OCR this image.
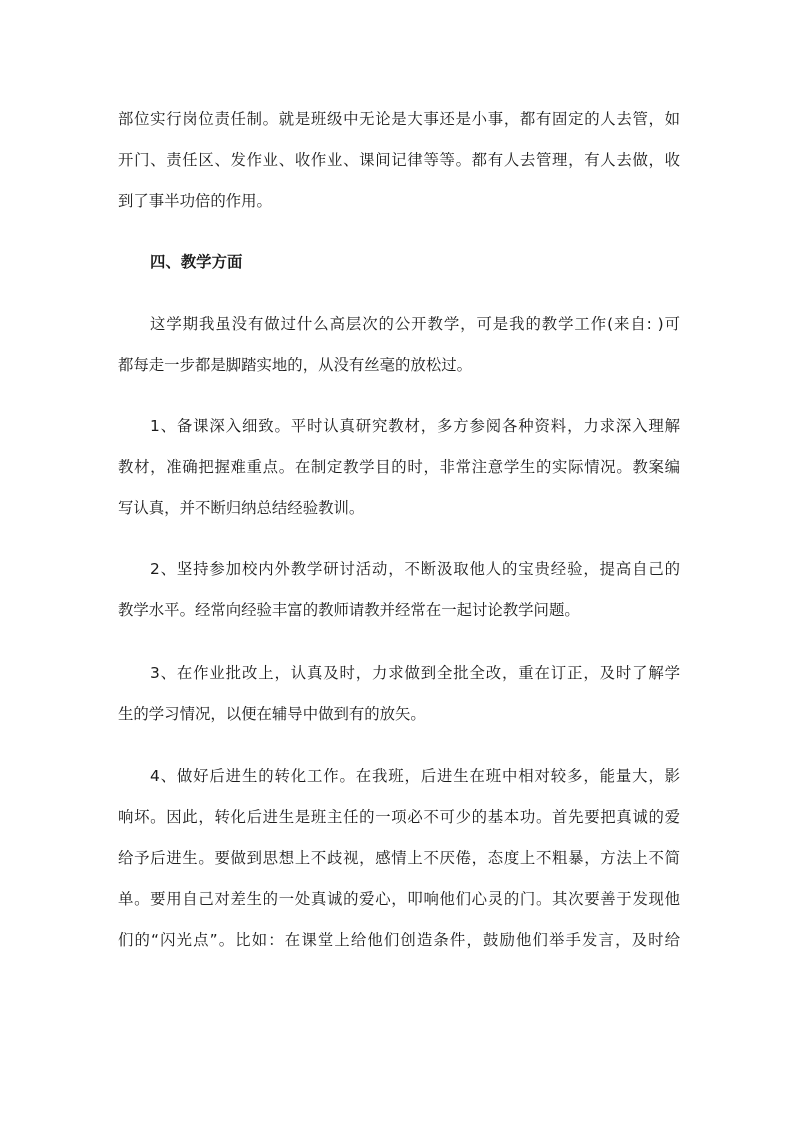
部位实行岗位责任制。就是班级中无论是大事还是小事，都有固定的人去管，如
开门、责任区、发作业、收作业、课间记律等等。都有人去管理，有人去做，收
到了事半功倍的作用。
四、教学方面
这学期我虽没有做过什么高层次的公开教学，可是我的教学工作(来自: )可
都每走一步都是脚踏实地的，从没有丝毫的放松过。
1、备课深入细致。平时认真研究教材，多方参阅各种资料，力求深入理解
教材，准确把握难重点。在制定教学目的时，非常注意学生的实际情况。教案编
写认真，并不断归纳总结经验教训。
2、坚持参加校内外教学研讨活动，不断汲取他人的宝贵经验，提高自己的
教学水平。经常向经验丰富的教师请教并经常在一起讨论教学问题。
3、在作业批改上，认真及时，力求做到全批全改，重在订正，及时了解学
生的学习情况，以便在辅导中做到有的放矢。
4、做好后进生的转化工作。在我班，后进生在班中相对较多，能量大，影
响坏。因此，转化后进生是班主任的一项必不可少的基本功。首先要把真诚的爱
给予后进生。要做到思想上不歧视，感情上不厌倦，态度上不粗暴，方法上不简
单。要用自己对差生的一处真诚的爱心，叩响他们心灵的门。其次要善于发现他
们的“闪光点”。比如：在课堂上给他们创造条件，鼓励他们举手发言，及时给
